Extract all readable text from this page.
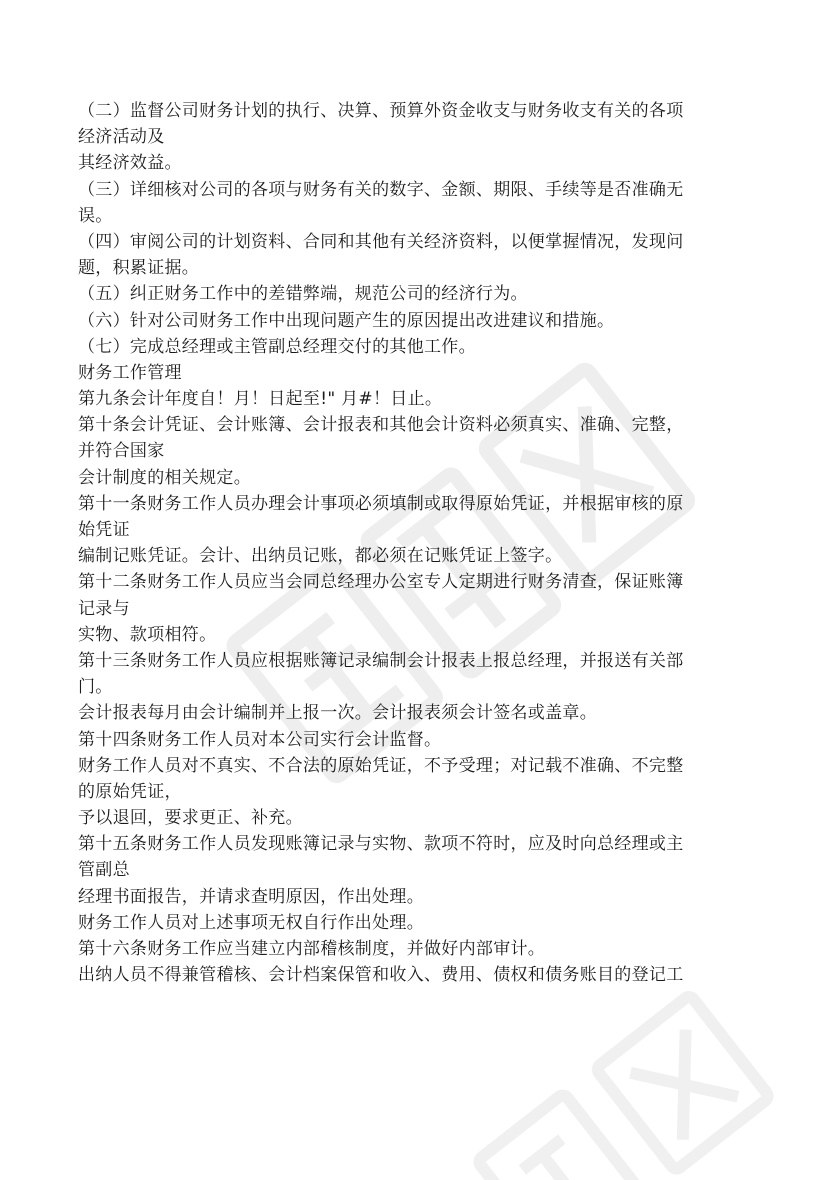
（二）监督公司财务计划的执行、决算、预算外资金收支与财务收支有关的各项
经济活动及
其经济效益。
（三）详细核对公司的各项与财务有关的数字、金额、期限、手续等是否准确无
误。
（四）审阅公司的计划资料、合同和其他有关经济资料，以便掌握情况，发现问
题，积累证据。
（五）纠正财务工作中的差错弊端，规范公司的经济行为。
（六）针对公司财务工作中出现问题产生的原因提出改进建议和措施。
（七）完成总经理或主管副总经理交付的其他工作。
财务工作管理
第九条会计年度自！月！日起至!" 月#！日止。
第十条会计凭证、会计账簿、会计报表和其他会计资料必须真实、准确、完整，
并符合国家
会计制度的相关规定。
第十一条财务工作人员办理会计事项必须填制或取得原始凭证，并根据审核的原
始凭证
编制记账凭证。会计、出纳员记账，都必须在记账凭证上签字。
第十二条财务工作人员应当会同总经理办公室专人定期进行财务清查，保证账簿
记录与
实物、款项相符。
第十三条财务工作人员应根据账簿记录编制会计报表上报总经理，并报送有关部
门。
会计报表每月由会计编制并上报一次。会计报表须会计签名或盖章。
第十四条财务工作人员对本公司实行会计监督。
财务工作人员对不真实、不合法的原始凭证，不予受理；对记载不准确、不完整
的原始凭证，
予以退回，要求更正、补充。
第十五条财务工作人员发现账簿记录与实物、款项不符时，应及时向总经理或主
管副总
经理书面报告，并请求查明原因，作出处理。
财务工作人员对上述事项无权自行作出处理。
第十六条财务工作应当建立内部稽核制度，并做好内部审计。
出纳人员不得兼管稽核、会计档案保管和收入、费用、债权和债务账目的登记工
